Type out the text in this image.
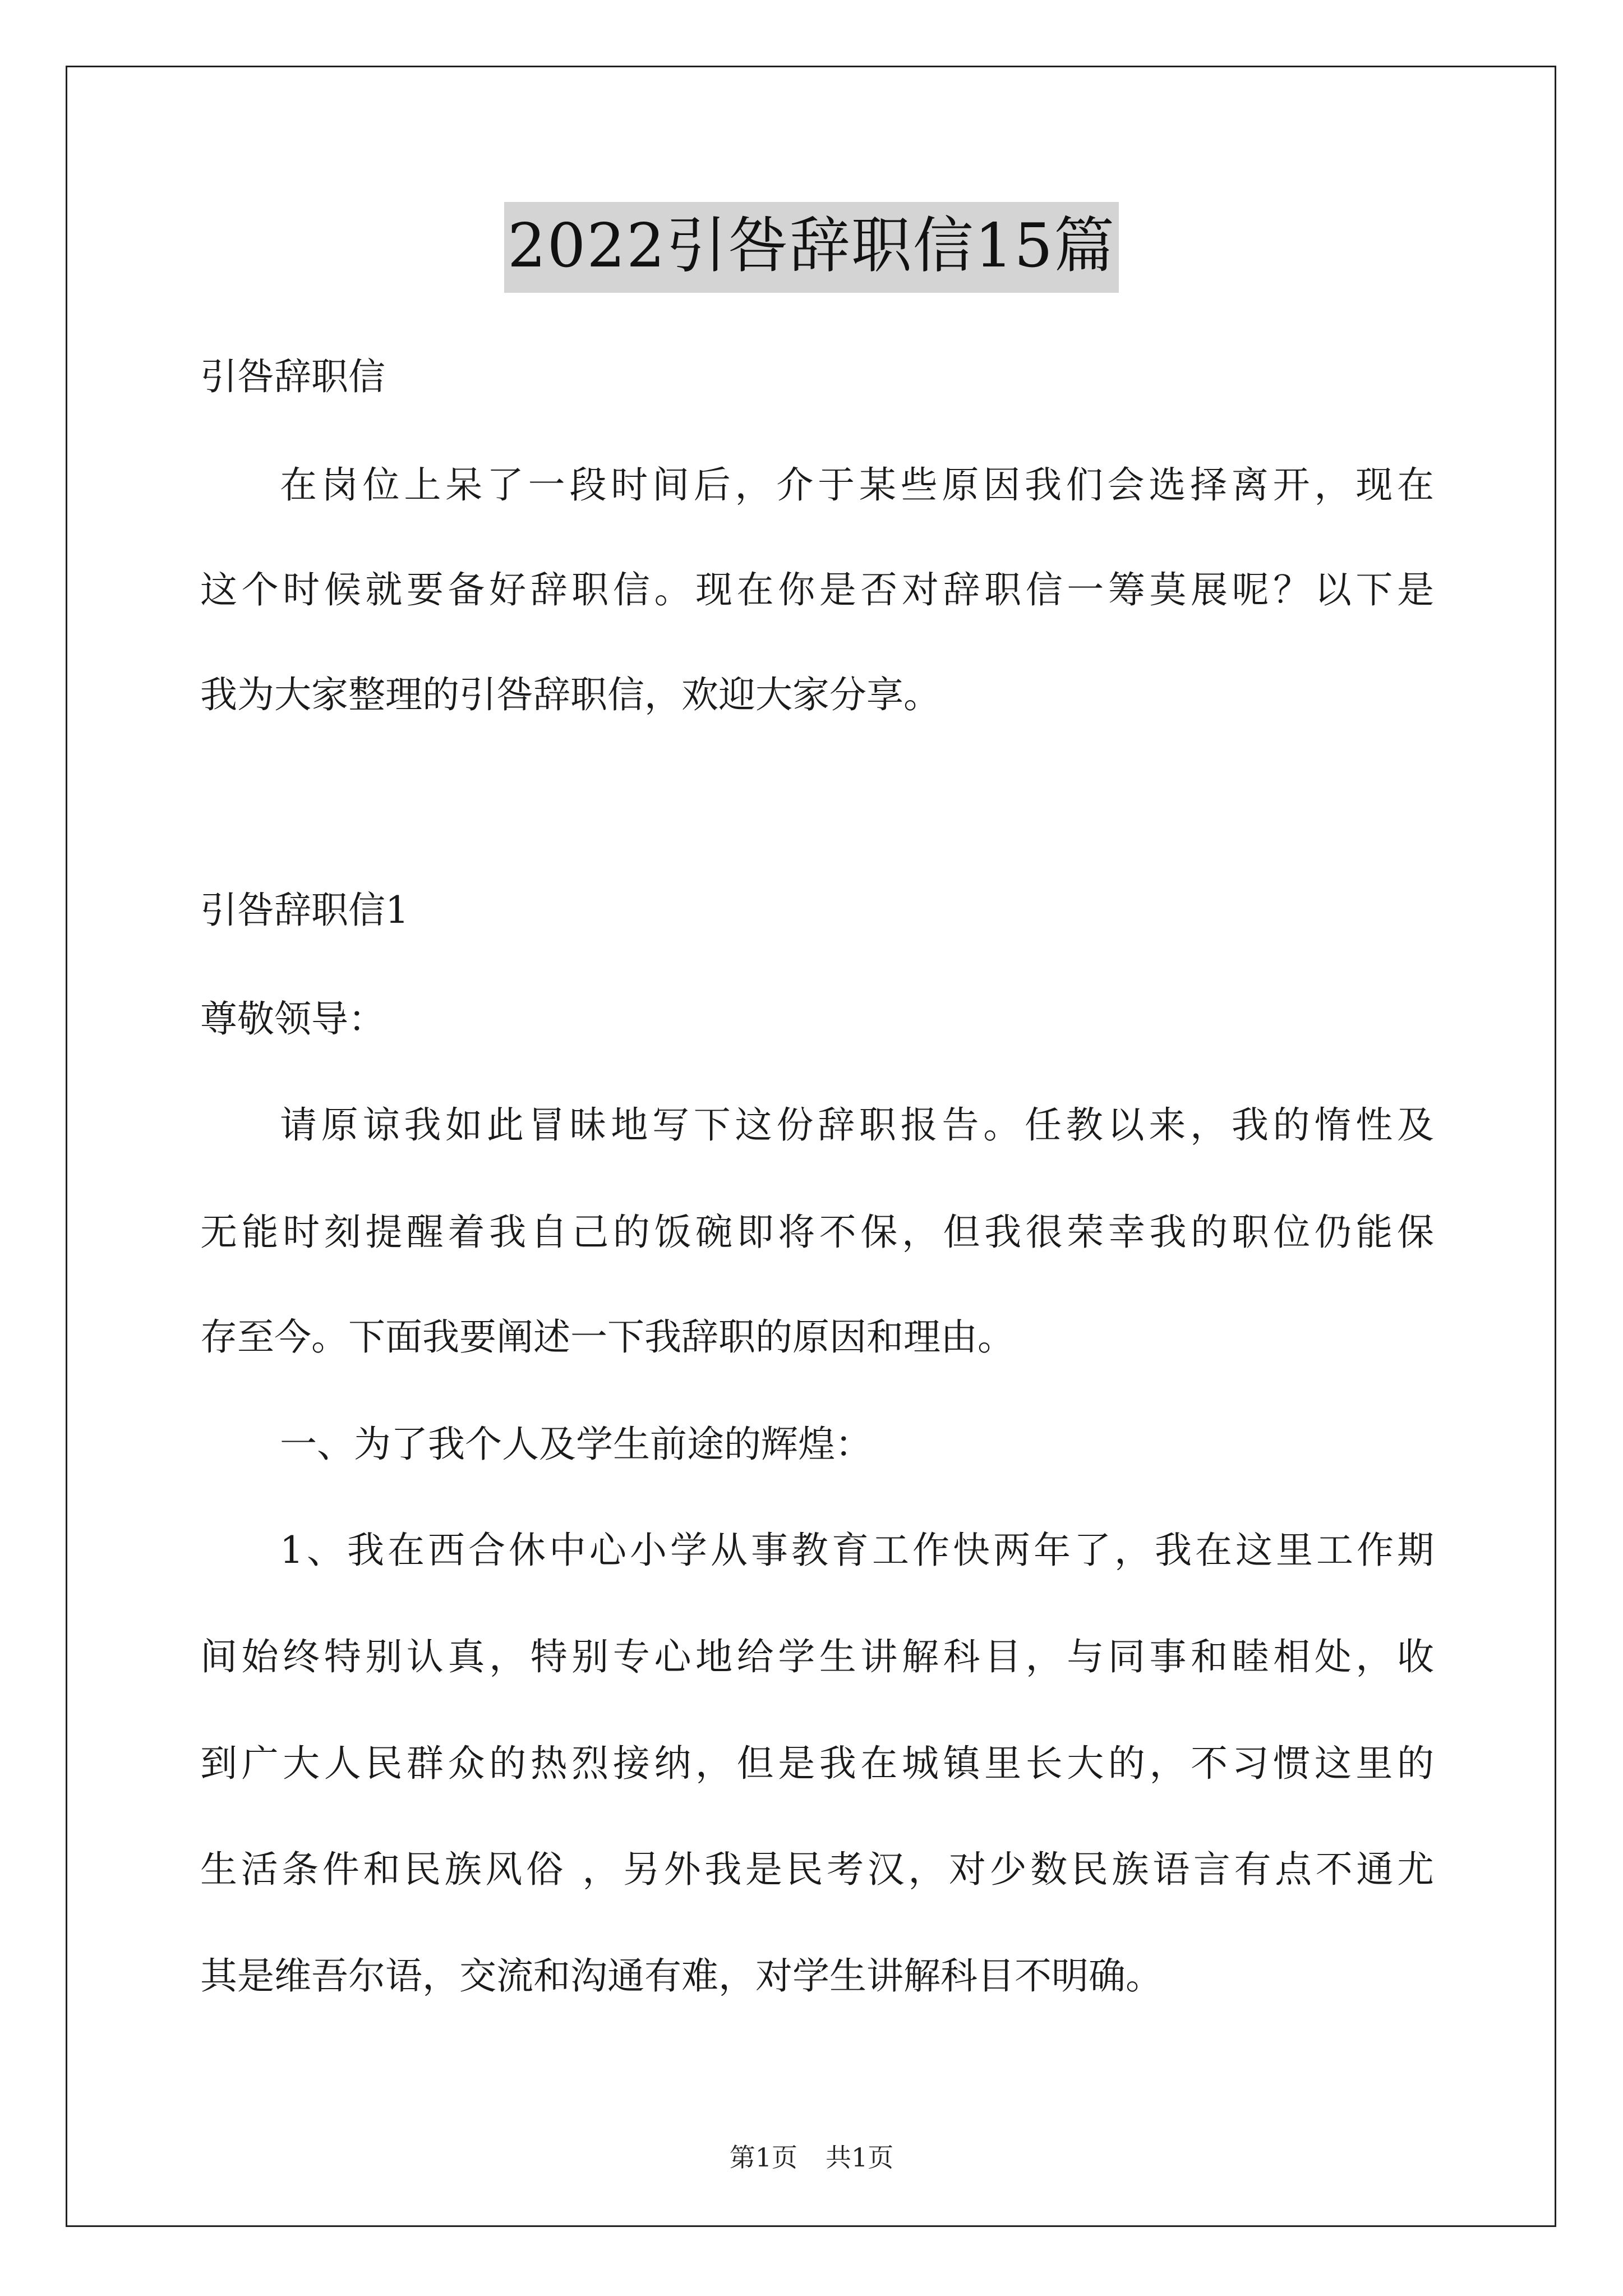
2022引咎辞职信15篇
引咎辞职信
在岗位上呆了一段时间后，介于某些原因我们会选择离开，现在
这个时候就要备好辞职信。现在你是否对辞职信一筹莫展呢？以下是
我为大家整理的引咎辞职信，欢迎大家分享。
引咎辞职信1
尊敬领导：
请原谅我如此冒昧地写下这份辞职报告。任教以来，我的惰性及
无能时刻提醒着我自己的饭碗即将不保，但我很荣幸我的职位仍能保
存至今。下面我要阐述一下我辞职的原因和理由。
一、为了我个人及学生前途的辉煌：
1、我在西合休中心小学从事教育工作快两年了，我在这里工作期
间始终特别认真，特别专心地给学生讲解科目，与同事和睦相处，收
到广大人民群众的热烈接纳，但是我在城镇里长大的，不习惯这里的
生活条件和民族风俗 ，另外我是民考汉，对少数民族语言有点不通尤
其是维吾尔语，交流和沟通有难，对学生讲解科目不明确。
第1页 共1页
